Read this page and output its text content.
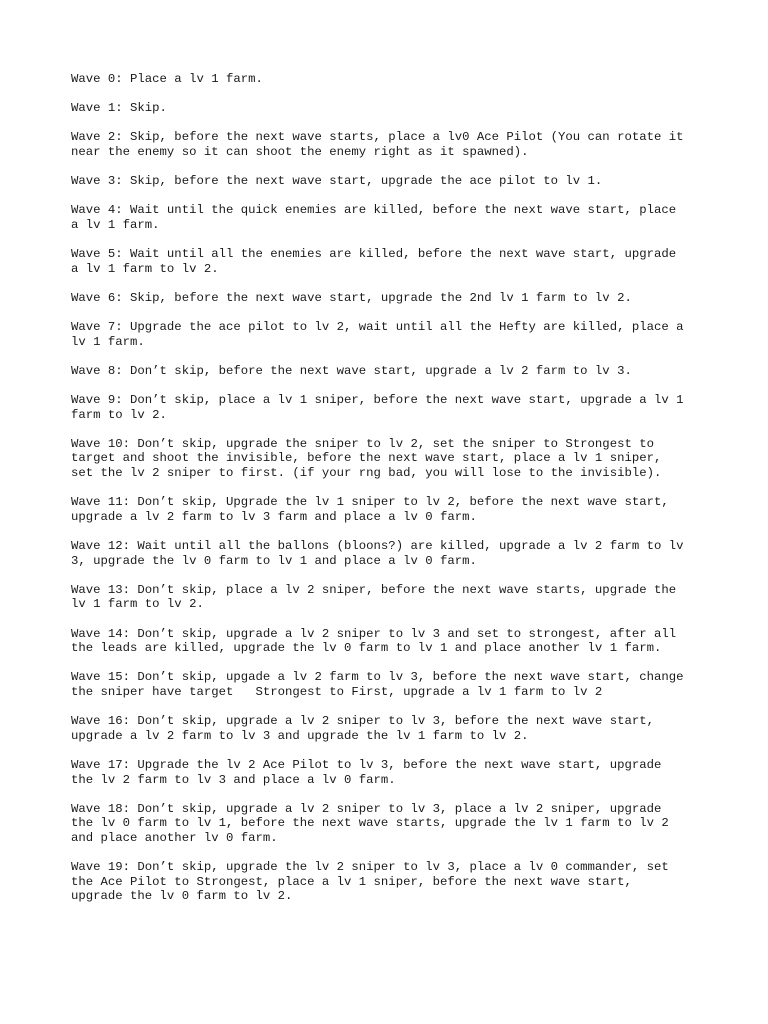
Wave 0: Place a lv 1 farm.

Wave 1: Skip.

Wave 2: Skip, before the next wave starts, place a lv0 Ace Pilot (You can rotate it
near the enemy so it can shoot the enemy right as it spawned).

Wave 3: Skip, before the next wave start, upgrade the ace pilot to lv 1.

Wave 4: Wait until the quick enemies are killed, before the next wave start, place
a lv 1 farm.

Wave 5: Wait until all the enemies are killed, before the next wave start, upgrade
a lv 1 farm to lv 2.

Wave 6: Skip, before the next wave start, upgrade the 2nd lv 1 farm to lv 2.

Wave 7: Upgrade the ace pilot to lv 2, wait until all the Hefty are killed, place a
lv 1 farm.

Wave 8: Don’t skip, before the next wave start, upgrade a lv 2 farm to lv 3.

Wave 9: Don’t skip, place a lv 1 sniper, before the next wave start, upgrade a lv 1
farm to lv 2.

Wave 10: Don’t skip, upgrade the sniper to lv 2, set the sniper to Strongest to
target and shoot the invisible, before the next wave start, place a lv 1 sniper,
set the lv 2 sniper to first. (if your rng bad, you will lose to the invisible).

Wave 11: Don’t skip, Upgrade the lv 1 sniper to lv 2, before the next wave start,
upgrade a lv 2 farm to lv 3 farm and place a lv 0 farm.

Wave 12: Wait until all the ballons (bloons?) are killed, upgrade a lv 2 farm to lv
3, upgrade the lv 0 farm to lv 1 and place a lv 0 farm.

Wave 13: Don’t skip, place a lv 2 sniper, before the next wave starts, upgrade the
lv 1 farm to lv 2.

Wave 14: Don’t skip, upgrade a lv 2 sniper to lv 3 and set to strongest, after all
the leads are killed, upgrade the lv 0 farm to lv 1 and place another lv 1 farm.

Wave 15: Don’t skip, upgade a lv 2 farm to lv 3, before the next wave start, change
the sniper have target   Strongest to First, upgrade a lv 1 farm to lv 2

Wave 16: Don’t skip, upgrade a lv 2 sniper to lv 3, before the next wave start,
upgrade a lv 2 farm to lv 3 and upgrade the lv 1 farm to lv 2.

Wave 17: Upgrade the lv 2 Ace Pilot to lv 3, before the next wave start, upgrade
the lv 2 farm to lv 3 and place a lv 0 farm.

Wave 18: Don’t skip, upgrade a lv 2 sniper to lv 3, place a lv 2 sniper, upgrade
the lv 0 farm to lv 1, before the next wave starts, upgrade the lv 1 farm to lv 2
and place another lv 0 farm.

Wave 19: Don’t skip, upgrade the lv 2 sniper to lv 3, place a lv 0 commander, set
the Ace Pilot to Strongest, place a lv 1 sniper, before the next wave start,
upgrade the lv 0 farm to lv 2.
